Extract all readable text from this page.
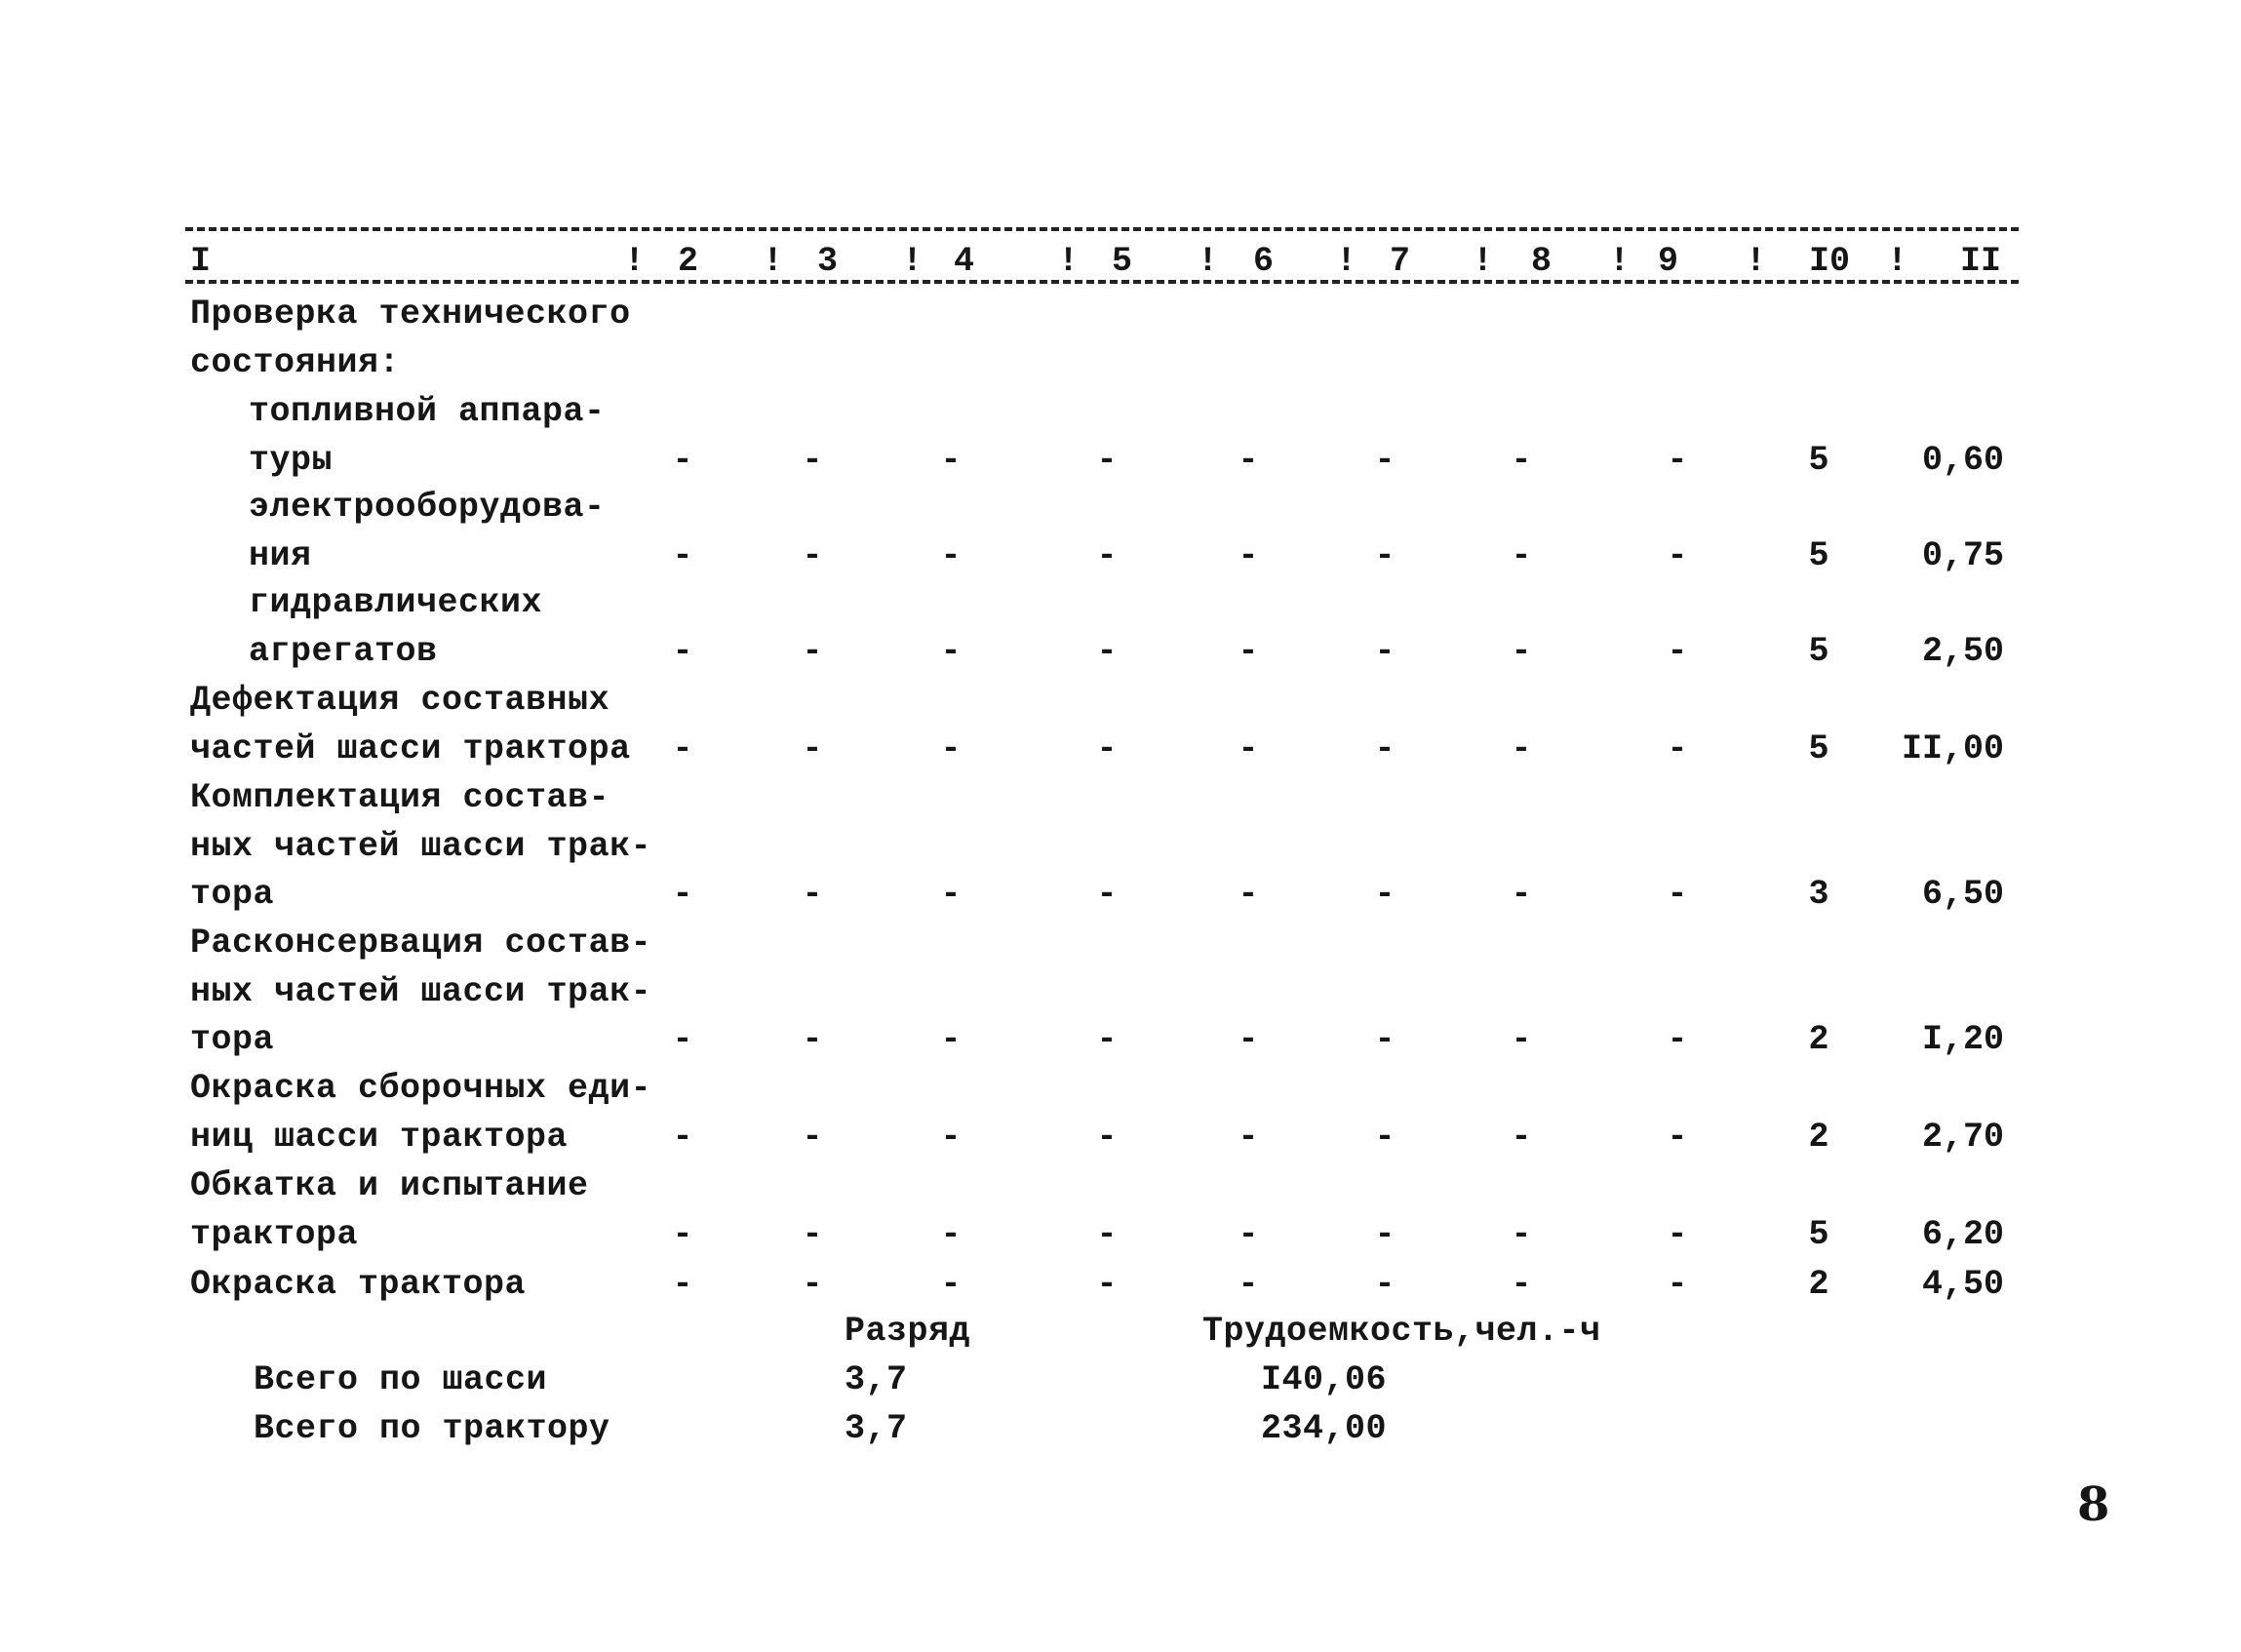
I	2	3	4	5	6	7	8	9	I0	II
!	!	!	!	!	!	!	!	!	!
Проверка технического
состояния:
топливной аппара-
туры	-	-	-	-	-	-	-	-	5	0,60
электрооборудова-
ния	-	-	-	-	-	-	-	-	5	0,75
гидравлических
агрегатов	-	-	-	-	-	-	-	-	5	2,50
Дефектация составных
частей шасси трактора	-	-	-	-	-	-	-	-	5	II,00
Комплектация состав-
ных частей шасси трак-
тора	-	-	-	-	-	-	-	-	3	6,50
Расконсервация состав-
ных частей шасси трак-
тора	-	-	-	-	-	-	-	-	2	I,20
Окраска сборочных еди-
ниц шасси трактора	-	-	-	-	-	-	-	-	2	2,70
Обкатка и испытание
трактора	-	-	-	-	-	-	-	-	5	6,20
Окраска трактора	-	-	-	-	-	-	-	-	2	4,50
Разряд	Трудоемкость,чел.-ч
Всего по шасси	3,7	I40,06
Всего по трактору	3,7	234,00
8
